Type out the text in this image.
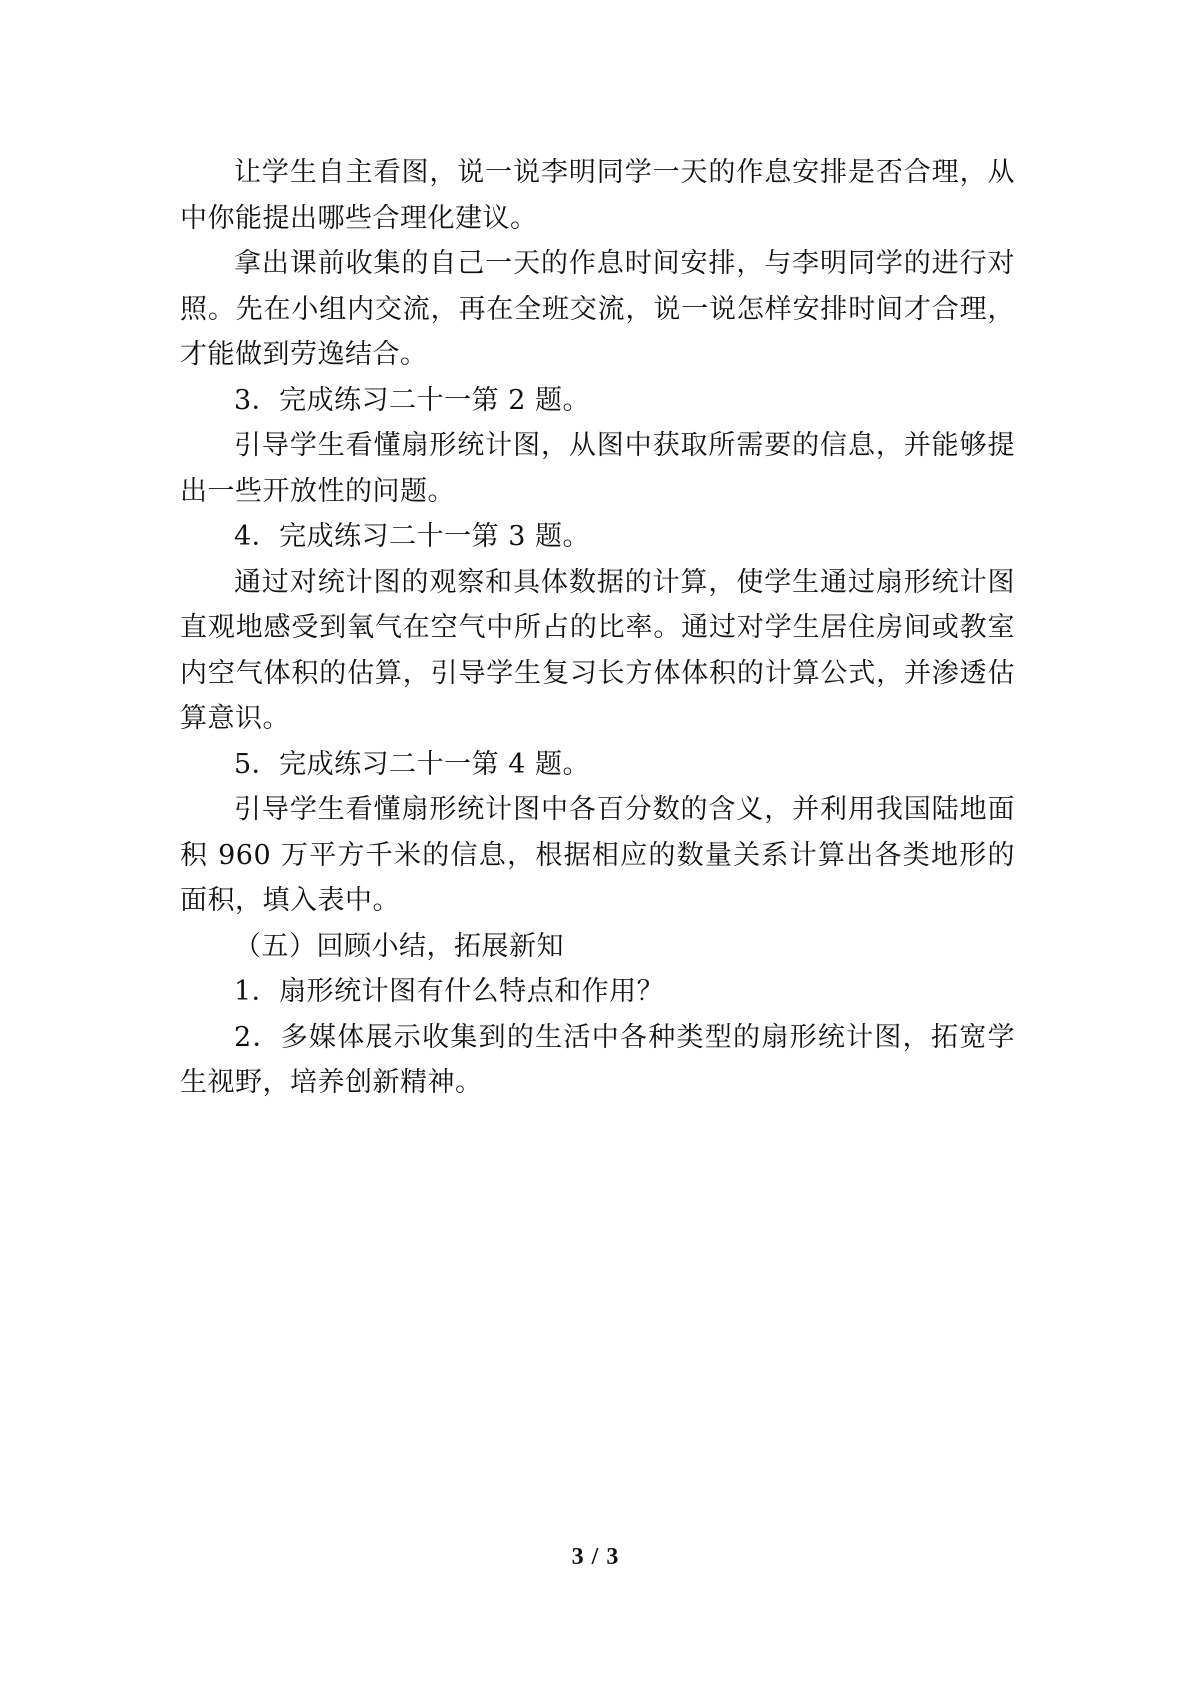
让学生自主看图，说一说李明同学一天的作息安排是否合理，从中你能提出哪些合理化建议。

拿出课前收集的自己一天的作息时间安排，与李明同学的进行对照。先在小组内交流，再在全班交流，说一说怎样安排时间才合理，才能做到劳逸结合。

3．完成练习二十一第 2 题。

引导学生看懂扇形统计图，从图中获取所需要的信息，并能够提出一些开放性的问题。

4．完成练习二十一第 3 题。

通过对统计图的观察和具体数据的计算，使学生通过扇形统计图直观地感受到氧气在空气中所占的比率。通过对学生居住房间或教室内空气体积的估算，引导学生复习长方体体积的计算公式，并渗透估算意识。

5．完成练习二十一第 4 题。

引导学生看懂扇形统计图中各百分数的含义，并利用我国陆地面积 960 万平方千米的信息，根据相应的数量关系计算出各类地形的面积，填入表中。

（五）回顾小结，拓展新知

1．扇形统计图有什么特点和作用？

2．多媒体展示收集到的生活中各种类型的扇形统计图，拓宽学生视野，培养创新精神。

3 / 3
